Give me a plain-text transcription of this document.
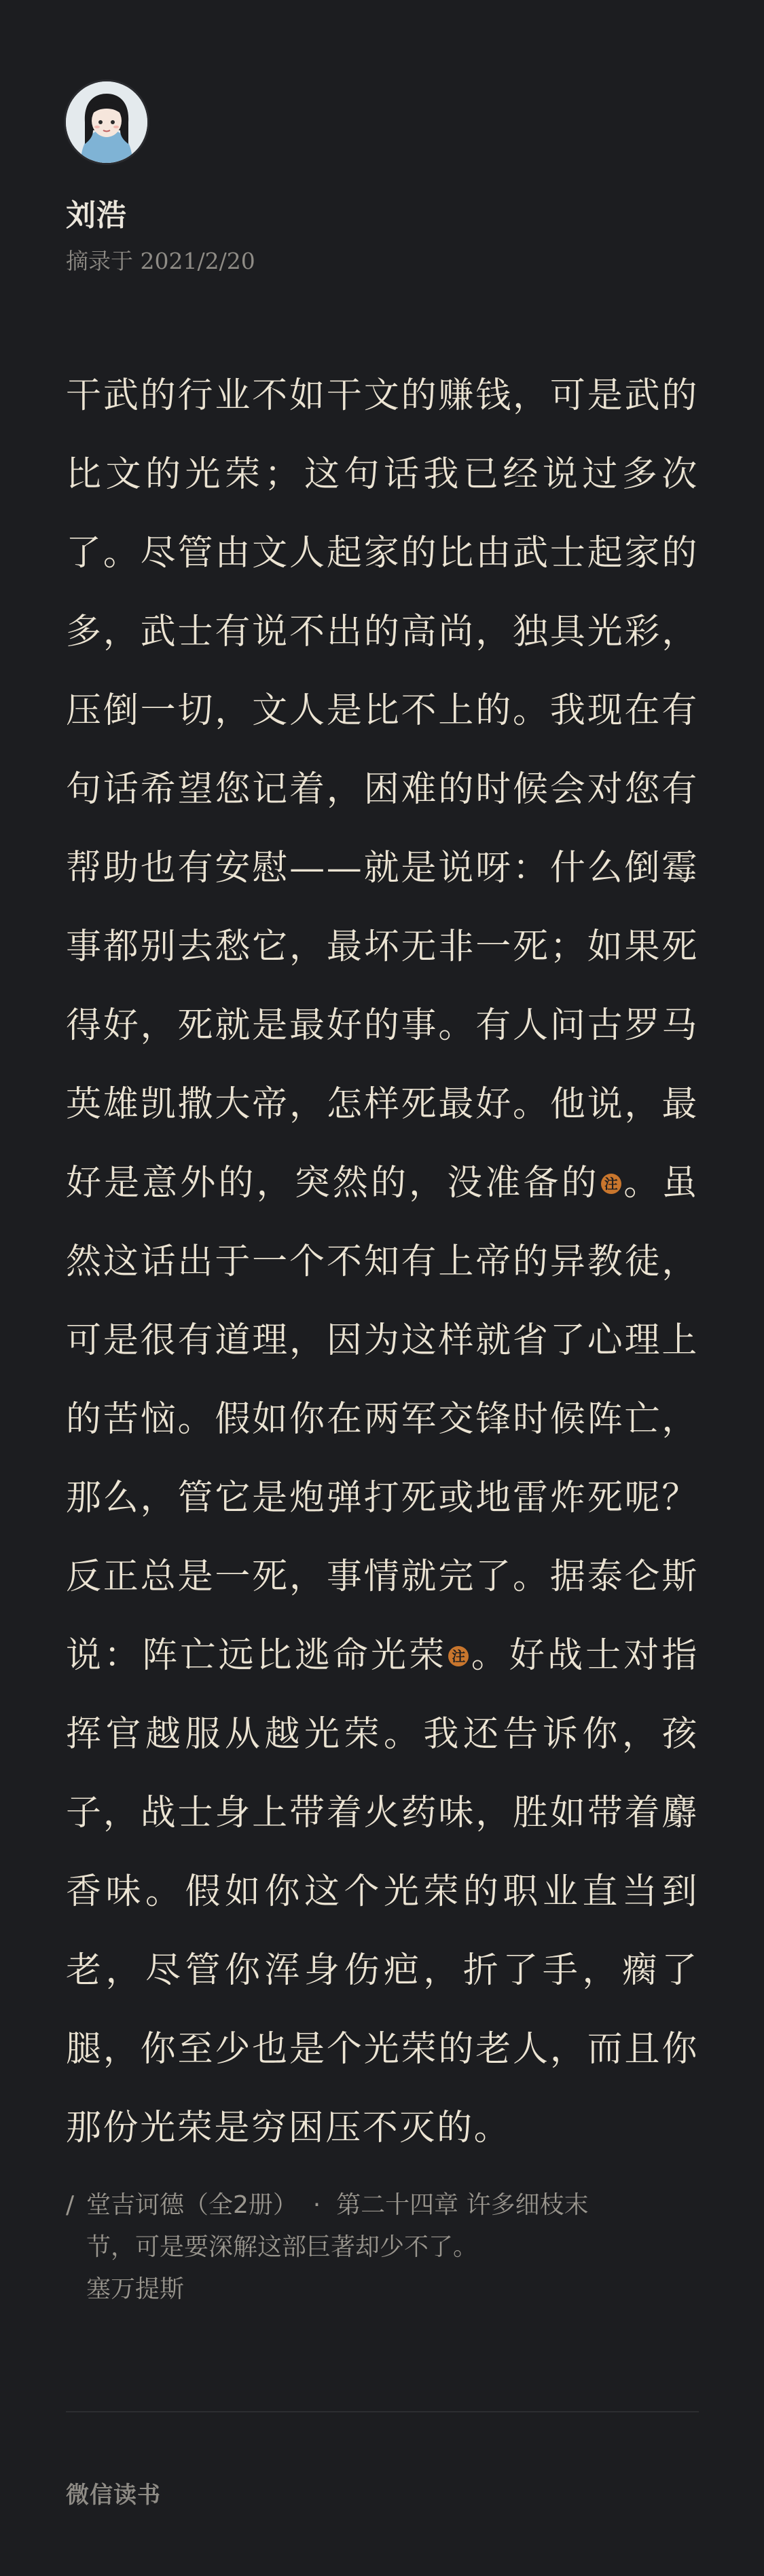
刘浩
摘录于 2021/2/20

干武的行业不如干文的赚钱，可是武的比文的光荣；这句话我已经说过多次了。尽管由文人起家的比由武士起家的多，武士有说不出的高尚，独具光彩，压倒一切，文人是比不上的。我现在有句话希望您记着，困难的时候会对您有帮助也有安慰——就是说呀：什么倒霉事都别去愁它，最坏无非一死；如果死得好，死就是最好的事。有人问古罗马英雄凯撒大帝，怎样死最好。他说，最好是意外的，突然的，没准备的 注 。虽然这话出于一个不知有上帝的异教徒，可是很有道理，因为这样就省了心理上的苦恼。假如你在两军交锋时候阵亡，那么，管它是炮弹打死或地雷炸死呢？反正总是一死，事情就完了。据泰仑斯说：阵亡远比逃命光荣 注 。好战士对指挥官越服从越光荣。我还告诉你，孩子，战士身上带着火药味，胜如带着麝香味。假如你这个光荣的职业直当到老，尽管你浑身伤疤，折了手，瘸了腿，你至少也是个光荣的老人，而且你那份光荣是穷困压不灭的。

/ 堂吉诃德（全2册） · 第二十四章 许多细枝末
节，可是要深解这部巨著却少不了。
塞万提斯
微信读书
